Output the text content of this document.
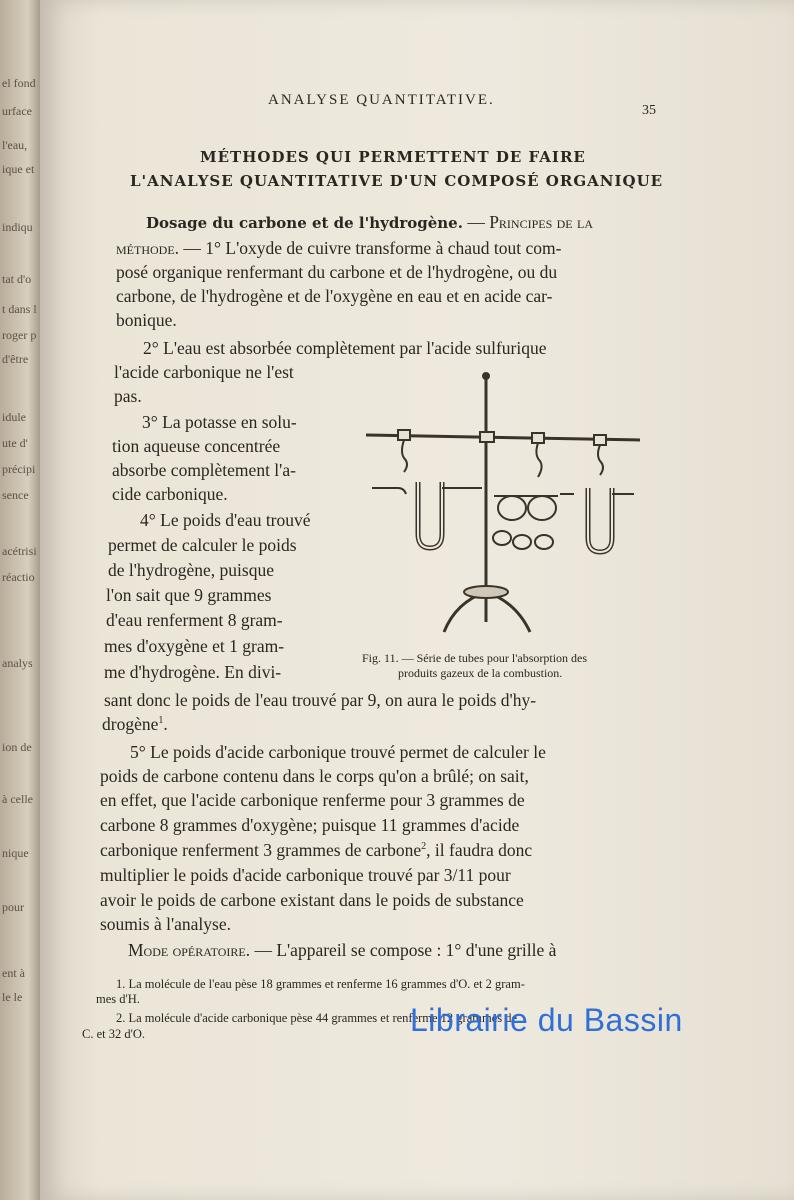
el fond
urface
l'eau,
ique et
indiqu
tat d'o
t dans l
roger p
d'être
idule
ute d'
précipi
sence
acétrisi
réactio
analys
ion de
à celle
nique
pour
ent à
le le
ANALYSE QUANTITATIVE.
35
MÉTHODES QUI PERMETTENT DE FAIRE
L'ANALYSE QUANTITATIVE D'UN COMPOSÉ ORGANIQUE
Dosage du carbone et de l'hydrogène. — Principes de la
méthode. — 1° L'oxyde de cuivre transforme à chaud tout com-
posé organique renfermant du carbone et de l'hydrogène, ou du
carbone, de l'hydrogène et de l'oxygène en eau et en acide car-
bonique.
2° L'eau est absorbée complètement par l'acide sulfurique
l'acide carbonique ne l'est
pas.
3° La potasse en solu-
tion aqueuse concentrée
absorbe complètement l'a-
cide carbonique.
4° Le poids d'eau trouvé
permet de calculer le poids
de l'hydrogène, puisque
l'on sait que 9 grammes
d'eau renferment 8 gram-
mes d'oxygène et 1 gram-
me d'hydrogène. En divi-
sant donc le poids de l'eau trouvé par 9, on aura le poids d'hy-
drogène$^1$.
5° Le poids d'acide carbonique trouvé permet de calculer le
poids de carbone contenu dans le corps qu'on a brûlé; on sait,
en effet, que l'acide carbonique renferme pour 3 grammes de
carbone 8 grammes d'oxygène; puisque 11 grammes d'acide
carbonique renferment 3 grammes de carbone$^2$, il faudra donc
multiplier le poids d'acide carbonique trouvé par 3/11 pour
avoir le poids de carbone existant dans le poids de substance
soumis à l'analyse.
Mode opératoire. — L'appareil se compose : 1° d'une grille à
Fig. 11. — Série de tubes pour l'absorption des
produits gazeux de la combustion.
1. La molécule de l'eau pèse 18 grammes et renferme 16 grammes d'O. et 2 gram-
mes d'H.
2. La molécule d'acide carbonique pèse 44 grammes et renferme 12 grammes de
C. et 32 d'O.	Librairie du Bassin
